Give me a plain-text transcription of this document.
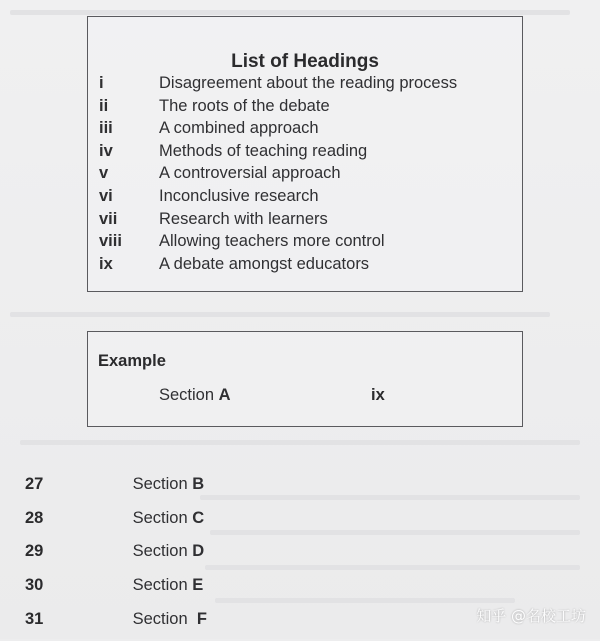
List of Headings
i	Disagreement about the reading process
ii	The roots of the debate
iii	A combined approach
iv	Methods of teaching reading
v	A controversial approach
vi	Inconclusive research
vii	Research with learners
viii Allowing teachers more control
ix	A debate amongst educators
Example
Section A	ix
27	Section B
28	Section C
29	Section D
30	Section E
31	Section F	知乎 @名校工坊
